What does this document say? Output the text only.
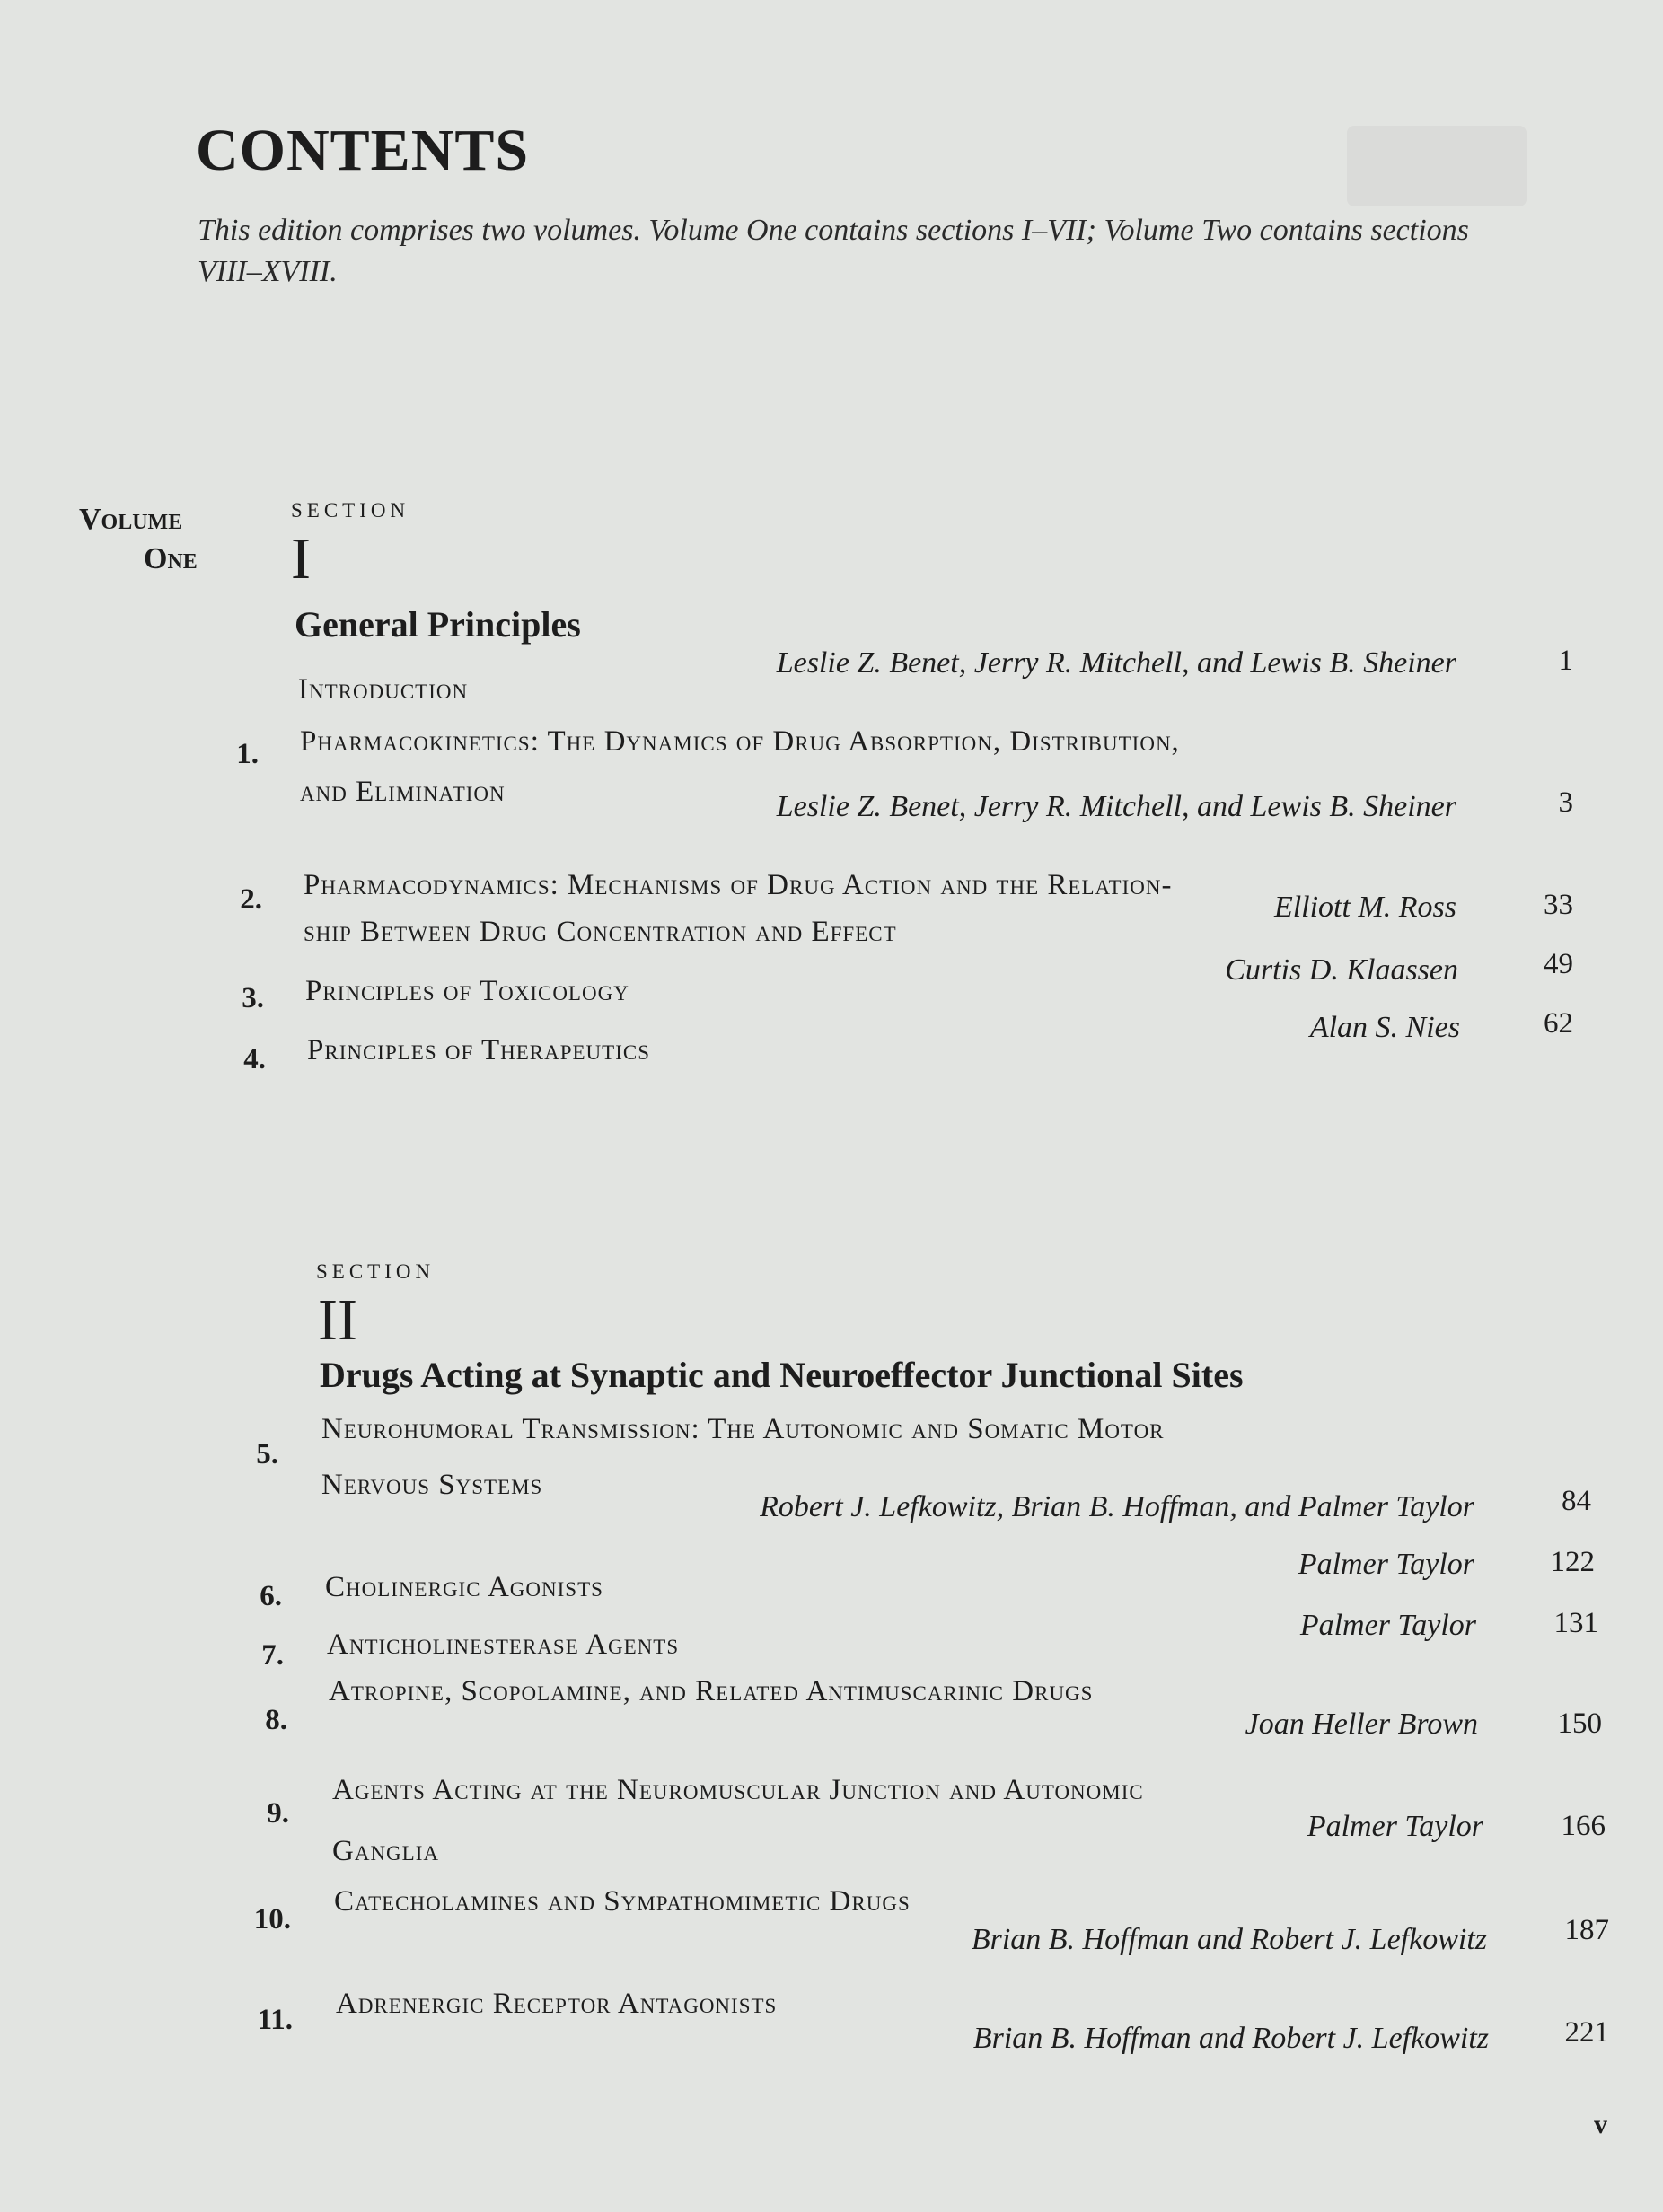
CONTENTS
This edition comprises two volumes. Volume One contains sections I–VII; Volume Two contains sections VIII–XVIII.
Volume
One
SECTION
I
General Principles
Introduction
Leslie Z. Benet, Jerry R. Mitchell, and Lewis B. Sheiner	1
1. Pharmacokinetics: The Dynamics of Drug Absorption, Distribution,
and Elimination	Leslie Z. Benet, Jerry R. Mitchell, and Lewis B. Sheiner	3
2. Pharmacodynamics: Mechanisms of Drug Action and the Relation-
ship Between Drug Concentration and Effect
Elliott M. Ross	33
3. Principles of Toxicology
Curtis D. Klaassen	49
4. Principles of Therapeutics
Alan S. Nies	62
SECTION
II
Drugs Acting at Synaptic and Neuroeffector Junctional Sites
5.
Neurohumoral Transmission: The Autonomic and Somatic Motor
Nervous Systems
Robert J. Lefkowitz, Brian B. Hoffman, and Palmer Taylor	84
6. Cholinergic Agonists
Palmer Taylor	122
7. Anticholinesterase Agents
Palmer Taylor	131
8.
Atropine, Scopolamine, and Related Antimuscarinic Drugs
Joan Heller Brown	150
9.
Agents Acting at the Neuromuscular Junction and Autonomic
Ganglia
Palmer Taylor	166
10.
Catecholamines and Sympathomimetic Drugs
Brian B. Hoffman and Robert J. Lefkowitz	187
11. Adrenergic Receptor Antagonists
Brian B. Hoffman and Robert J. Lefkowitz	221
v
